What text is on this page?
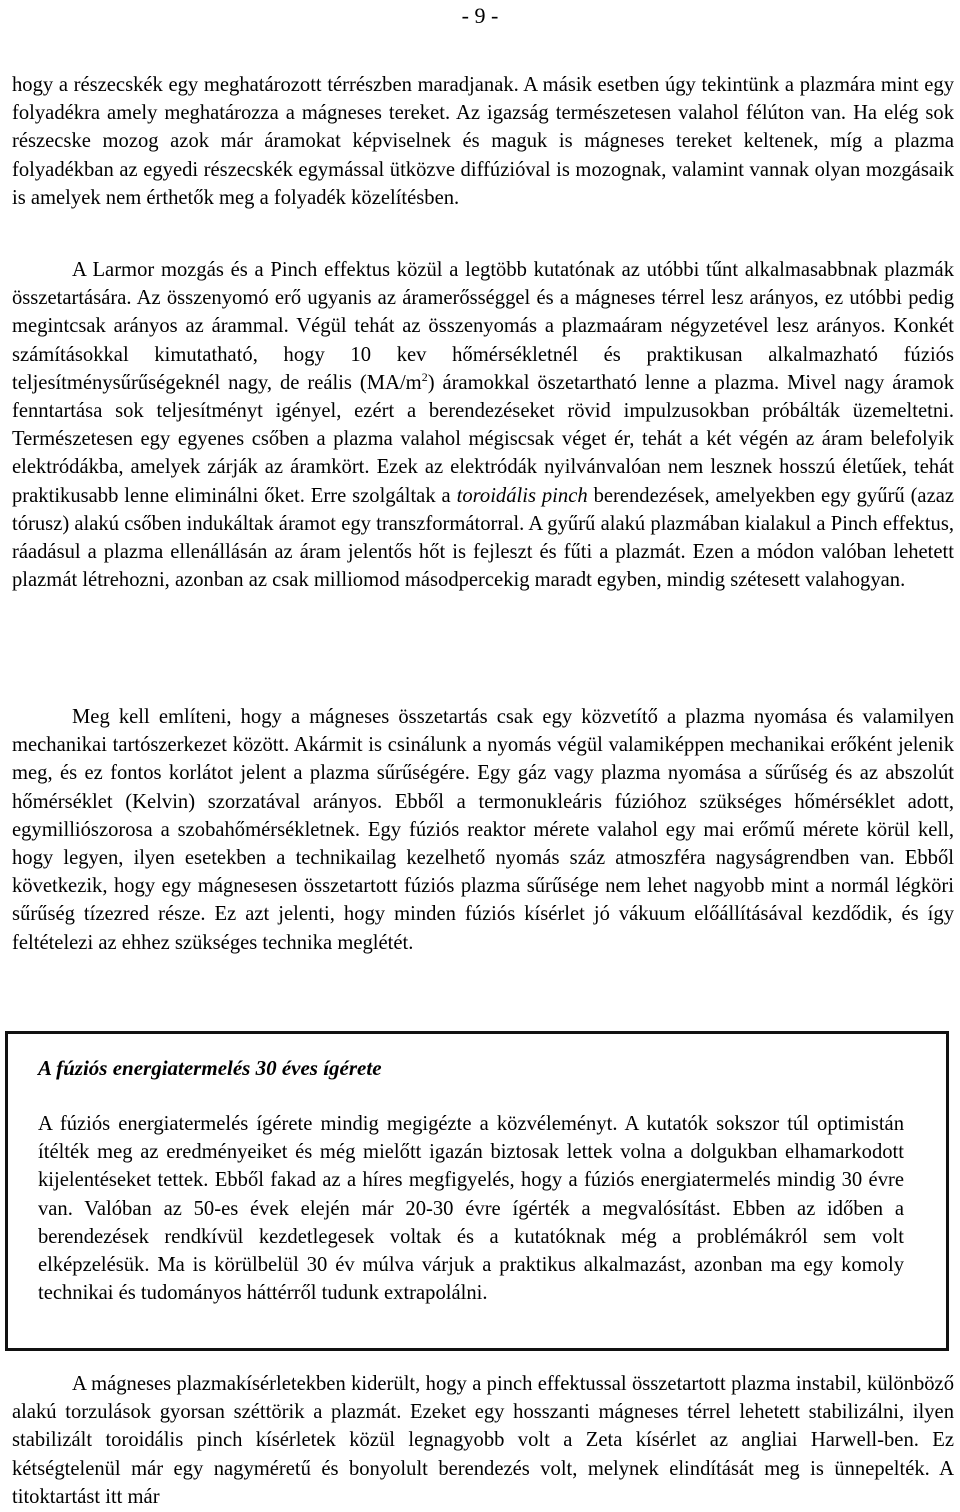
- 9 -

hogy a részecskék egy meghatározott térrészben maradjanak. A másik esetben úgy tekintünk a plazmára mint egy folyadékra amely meghatározza a mágneses tereket. Az igazság természetesen valahol félúton van. Ha elég sok részecske mozog azok már áramokat képviselnek és maguk is mágneses tereket keltenek, míg a plazma folyadékban az egyedi részecskék egymással ütközve diffúzióval is mozognak, valamint vannak olyan mozgásaik is amelyek nem érthetők meg a folyadék közelítésben.

A Larmor mozgás és a Pinch effektus közül a legtöbb kutatónak az utóbbi tűnt alkalmasabbnak plazmák összetartására. Az összenyomó erő ugyanis az áramerősséggel és a mágneses térrel lesz arányos, ez utóbbi pedig megintcsak arányos az árammal. Végül tehát az összenyomás a plazmaáram négyzetével lesz arányos. Konkét számításokkal kimutatható, hogy 10 kev hőmérsékletnél és praktikusan alkalmazható fúziós teljesítménysűrűségeknél nagy, de reális $(MA/m^2)$ áramokkal öszetartható lenne a plazma. Mivel nagy áramok fenntartása sok teljesítményt igényel, ezért a berendezéseket rövid impulzusokban próbálták üzemeltetni. Természetesen egy egyenes csőben a plazma valahol mégiscsak véget ér, tehát a két végén az áram belefolyik elektródákba, amelyek zárják az áramkört. Ezek az elektródák nyilvánvalóan nem lesznek hosszú életűek, tehát praktikusabb lenne eliminálni őket. Erre szolgáltak a toroidális pinch berendezések, amelyekben egy gyűrű (azaz tórusz) alakú csőben indukáltak áramot egy transzformátorral. A gyűrű alakú plazmában kialakul a Pinch effektus, ráadásul a plazma ellenállásán az áram jelentős hőt is fejleszt és fűti a plazmát. Ezen a módon valóban lehetett plazmát létrehozni, azonban az csak milliomod másodpercekig maradt egyben, mindig szétesett valahogyan.

Meg kell említeni, hogy a mágneses összetartás csak egy közvetítő a plazma nyomása és valamilyen mechanikai tartószerkezet között. Akármit is csinálunk a nyomás végül valamiképpen mechanikai erőként jelenik meg, és ez fontos korlátot jelent a plazma sűrűségére. Egy gáz vagy plazma nyomása a sűrűség és az abszolút hőmérséklet (Kelvin) szorzatával arányos. Ebből a termonukleáris fúzióhoz szükséges hőmérséklet adott, egymilliószorosa a szobahőmérsékletnek. Egy fúziós reaktor mérete valahol egy mai erőmű mérete körül kell, hogy legyen, ilyen esetekben a technikailag kezelhető nyomás száz atmoszféra nagyságrendben van. Ebből következik, hogy egy mágnesesen összetartott fúziós plazma sűrűsége nem lehet nagyobb mint a normál légköri sűrűség tízezred része. Ez azt jelenti, hogy minden fúziós kísérlet jó vákuum előállításával kezdődik, és így feltételezi az ehhez szükséges technika meglétét.

A fúziós energiatermelés 30 éves ígérete

A fúziós energiatermelés ígérete mindig megigézte a közvéleményt. A kutatók sokszor túl optimistán ítélték meg az eredményeiket és még mielőtt igazán biztosak lettek volna a dolgukban elhamarkodott kijelentéseket tettek. Ebből fakad az a híres megfigyelés, hogy a fúziós energiatermelés mindig 30 évre van. Valóban az 50-es évek elején már 20-30 évre ígérték a megvalósítást. Ebben az időben a berendezések rendkívül kezdetlegesek voltak és a kutatóknak még a problémákról sem volt elképzelésük. Ma is körülbelül 30 év múlva várjuk a praktikus alkalmazást, azonban ma egy komoly technikai és tudományos háttérről tudunk extrapolálni.

A mágneses plazmakísérletekben kiderült, hogy a pinch effektussal összetartott plazma instabil, különböző alakú torzulások gyorsan széttörik a plazmát. Ezeket egy hosszanti mágneses térrel lehetett stabilizálni, ilyen stabilizált toroidális pinch kísérletek közül legnagyobb volt a Zeta kísérlet az angliai Harwell-ben. Ez kétségtelenül már egy nagyméretű és bonyolult berendezés volt, melynek elindítását meg is ünnepelték. A titoktartást itt már
